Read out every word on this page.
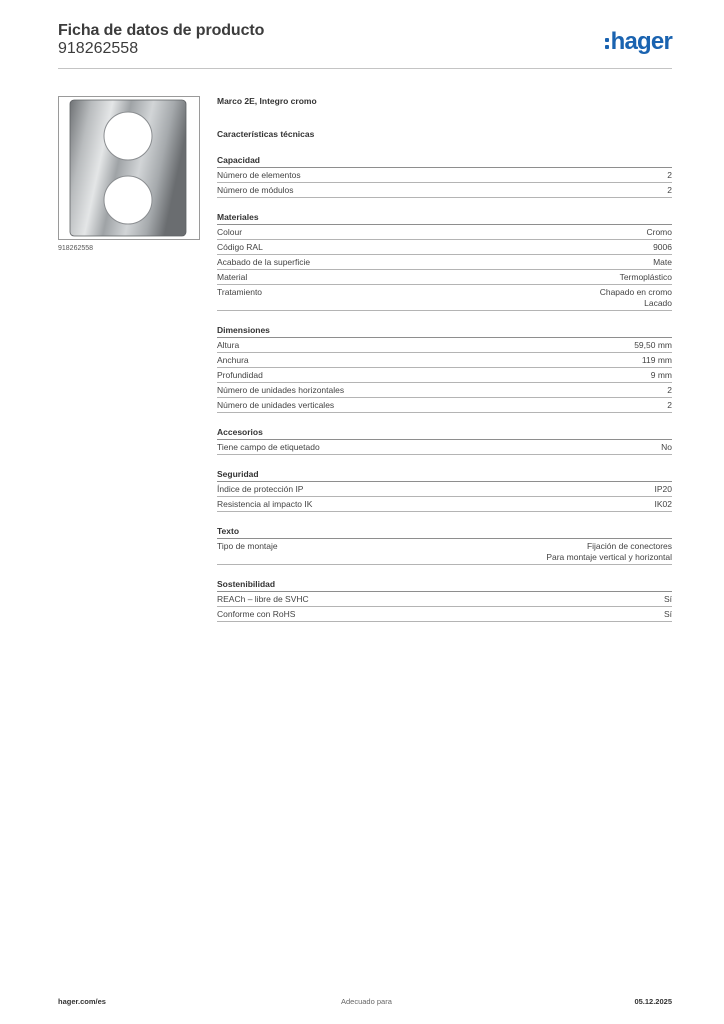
Ficha de datos de producto
918262558	hager
918262558
Marco 2E, Integro cromo
Características técnicas
Capacidad
Número de elementos	2
Número de módulos	2
Materiales
Colour	Cromo
Código RAL	9006
Acabado de la superficie	Mate
Material	Termoplástico
Tratamiento	Chapado en cromo
Lacado
Dimensiones
Altura	59,50 mm
Anchura	119 mm
Profundidad	9 mm
Número de unidades horizontales	2
Número de unidades verticales	2
Accesorios
Tiene campo de etiquetado	No
Seguridad
Índice de protección IP	IP20
Resistencia al impacto IK	IK02
Texto
Tipo de montaje	Fijación de conectores
Para montaje vertical y horizontal
Sostenibilidad
REACh – libre de SVHC	Sí
Conforme con RoHS	Sí
hager.com/es	Adecuado para	05.12.2025
